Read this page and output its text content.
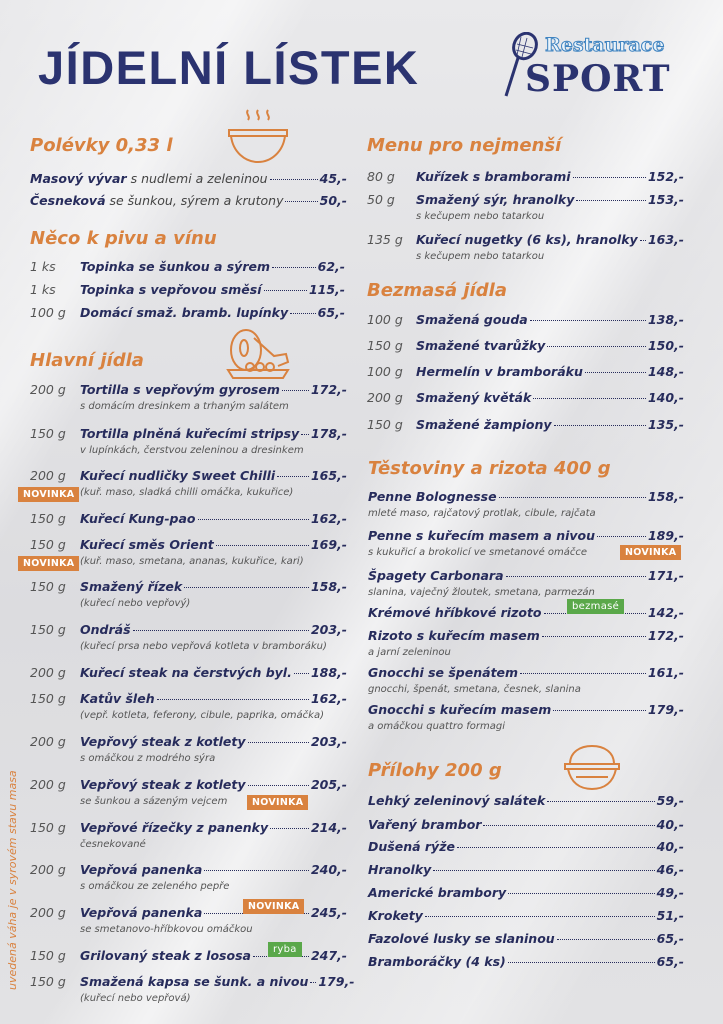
JÍDELNÍ LÍSTEK	Restaurace
SPORT
uvedená váha je v syrovém stavu masa
Polévky 0,33 l
Masový vývar s nudlemi a zeleninou	45,-
Česneková se šunkou, sýrem a krutony	50,-
Něco k pivu a vínu
1 ks Topinka se šunkou a sýrem	62,-
1 ks Topinka s vepřovou směsí	115,-
100 g Domácí smaž. bramb. lupínky 65,-
Hlavní jídla
200 g Tortilla s vepřovým gyrosem 172,-
s domácím dresinkem a trhaným salátem
150 g Tortilla plněná kuřecími stripsy 178,-
v lupínkách, čerstvou zeleninou a dresinkem
200 g Kuřecí nudličky Sweet Chilli	165,-
(kuř. maso, sladká chilli omáčka, kukuřice)
NOVINKA
150 g Kuřecí Kung-pao	162,-
150 g Kuřecí směs Orient	169,-
(kuř. maso, smetana, ananas, kukuřice, kari)
NOVINKA
150 g Smažený řízek	158,-
(kuřecí nebo vepřový)
150 g Ondráš	203,-
(kuřecí prsa nebo vepřová kotleta v bramboráku)
200 g Kuřecí steak na čerstvých byl. 188,-
150 g Katův šleh	162,-
(vepř. kotleta, feferony, cibule, paprika, omáčka)
200 g Vepřový steak z kotlety	203,-
s omáčkou z modrého sýra
200 g Vepřový steak z kotlety	205,-
se šunkou a sázeným vejcem	NOVINKA
150 g Vepřové řízečky z panenky	214,-
česnekované
200 g Vepřová panenka	240,-
s omáčkou ze zeleného pepře
200 g Vepřová panenka	245,-
se smetanovo-hříbkovou omáčkou
NOVINKA
150 g Grilovaný steak z lososa	247,-
ryba
150 g Smažená kapsa se šunk. a nivou 179,-
(kuřecí nebo vepřová)
Menu pro nejmenší
80 g Kuřízek s bramborami	152,-
50 g Smažený sýr, hranolky	153,-
s kečupem nebo tatarkou
135 g Kuřecí nugetky (6 ks), hranolky 163,-
s kečupem nebo tatarkou
Bezmasá jídla
100 g Smažená gouda	138,-
150 g Smažené tvarůžky	150,-
100 g Hermelín v bramboráku	148,-
200 g Smažený květák	140,-
150 g Smažené žampiony	135,-
Těstoviny a rizota 400 g
Penne Bolognesse	158,-
mleté maso, rajčatový protlak, cibule, rajčata
Penne s kuřecím masem a nivou	189,-
s kukuřicí a brokolicí ve smetanové omáčce	NOVINKA
Špagety Carbonara	171,-
slanina, vaječný žloutek, smetana, parmezán
Krémové hříbkové rizoto	142,-
bezmasé
Rizoto s kuřecím masem	172,-
a jarní zeleninou
Gnocchi se špenátem	161,-
gnocchi, špenát, smetana, česnek, slanina
Gnocchi s kuřecím masem	179,-
a omáčkou quattro formagi
Přílohy 200 g
Lehký zeleninový salátek	59,-
Vařený brambor	40,-
Dušená rýže	40,-
Hranolky	46,-
Americké brambory	49,-
Krokety	51,-
Fazolové lusky se slaninou	65,-
Bramboráčky (4 ks)	65,-
